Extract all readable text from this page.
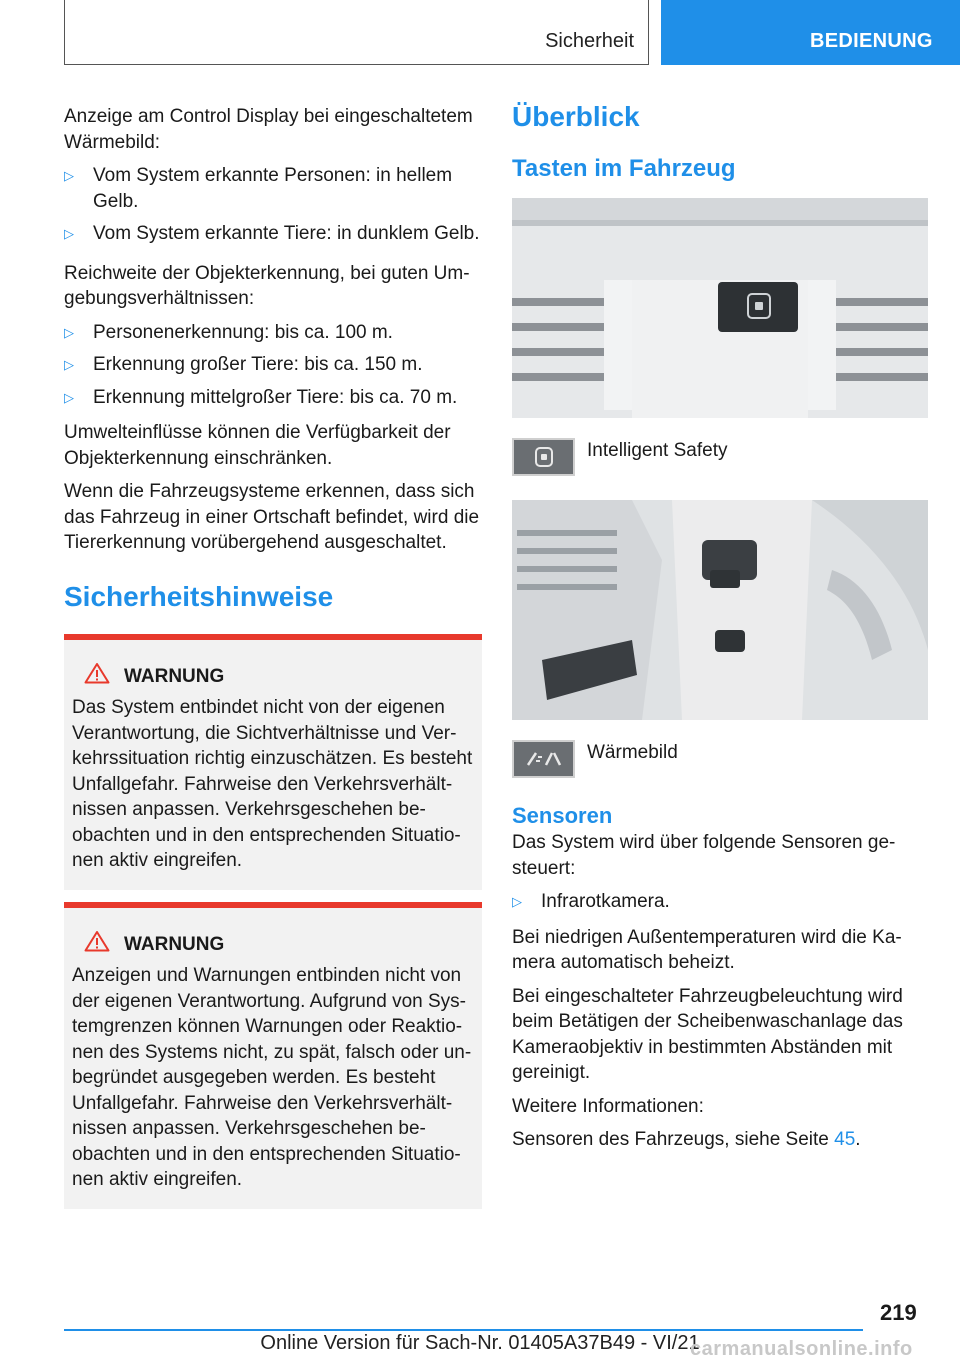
Sicherheit	BEDIENUNG

Anzeige am Control Display bei eingeschaltetem Wärmebild:

▷ Vom System erkannte Personen: in hellem Gelb.
▷ Vom System erkannte Tiere: in dunklem Gelb.

Reichweite der Objekterkennung, bei guten Umgebungsverhältnissen:

▷ Personenerkennung: bis ca. 100 m.
▷ Erkennung großer Tiere: bis ca. 150 m.
▷ Erkennung mittelgroßer Tiere: bis ca. 70 m.

Umwelteinflüsse können die Verfügbarkeit der Objekterkennung einschränken.

Wenn die Fahrzeugsysteme erkennen, dass sich das Fahrzeug in einer Ortschaft befindet, wird die Tiererkennung vorübergehend ausgeschaltet.

Sicherheitshinweise
WARNUNG
Das System entbindet nicht von der eigenen Verantwortung, die Sichtverhältnisse und Verkehrssituation richtig einzuschätzen. Es besteht Unfallgefahr. Fahrweise den Verkehrsverhältnissen anpassen. Verkehrsgeschehen beobachten und in den entsprechenden Situationen aktiv eingreifen.
WARNUNG
Anzeigen und Warnungen entbinden nicht von der eigenen Verantwortung. Aufgrund von Systemgrenzen können Warnungen oder Reaktionen des Systems nicht, zu spät, falsch oder unbegründet ausgegeben werden. Es besteht Unfallgefahr. Fahrweise den Verkehrsverhältnissen anpassen. Verkehrsgeschehen beobachten und in den entsprechenden Situationen aktiv eingreifen.
Überblick
Tasten im Fahrzeug
Intelligent Safety
Wärmebild
Sensoren

Das System wird über folgende Sensoren gesteuert:

▷ Infrarotkamera.

Bei niedrigen Außentemperaturen wird die Kamera automatisch beheizt.

Bei eingeschalteter Fahrzeugbeleuchtung wird beim Betätigen der Scheibenwaschanlage das Kameraobjektiv in bestimmten Abständen mit gereinigt.

Weitere Informationen:

Sensoren des Fahrzeugs, siehe Seite 45.

219
Online Version für Sach-Nr. 01405A37B49 - VI/21
carmanualsonline.info
